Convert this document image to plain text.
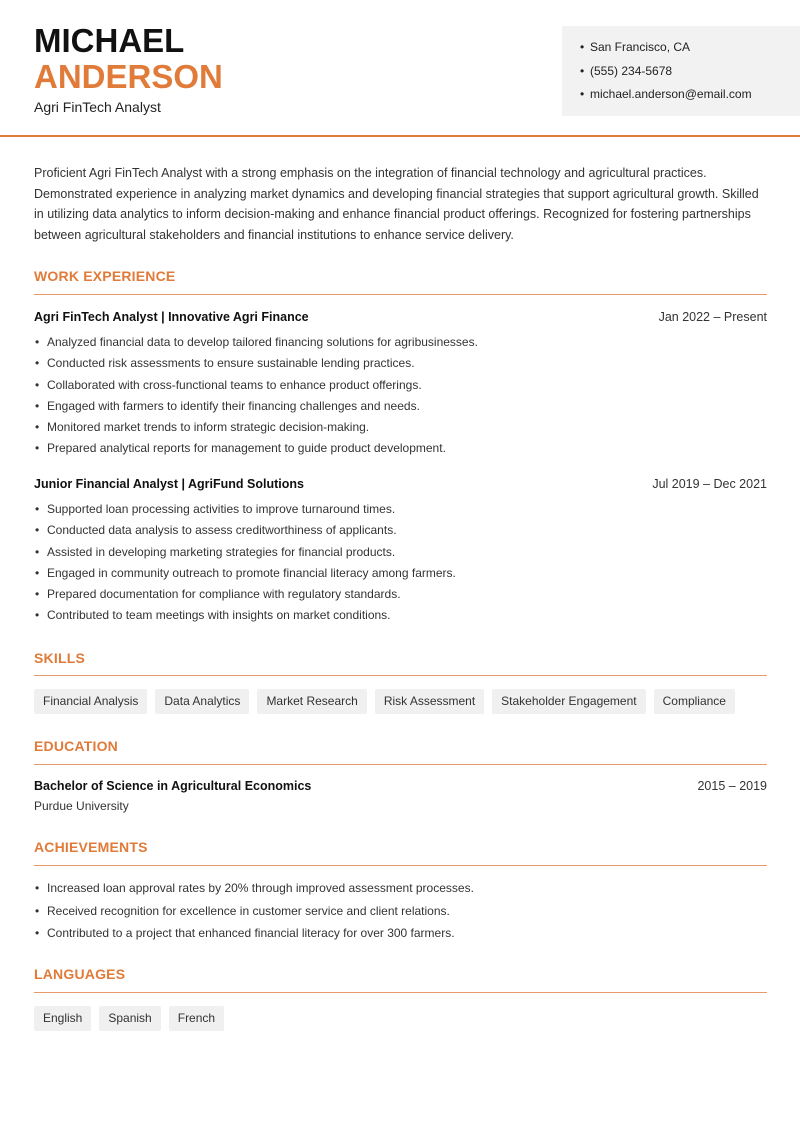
MICHAEL
ANDERSON
Agri FinTech Analyst
• San Francisco, CA
• (555) 234-5678
• michael.anderson@email.com

Proficient Agri FinTech Analyst with a strong emphasis on the integration of financial technology and agricultural practices. Demonstrated experience in analyzing market dynamics and developing financial strategies that support agricultural growth. Skilled in utilizing data analytics to inform decision-making and enhance financial product offerings. Recognized for fostering partnerships between agricultural stakeholders and financial institutions to enhance service delivery.

WORK EXPERIENCE
Agri FinTech Analyst | Innovative Agri Finance	Jan 2022 – Present
• Analyzed financial data to develop tailored financing solutions for agribusinesses.
• Conducted risk assessments to ensure sustainable lending practices.
• Collaborated with cross-functional teams to enhance product offerings.
• Engaged with farmers to identify their financing challenges and needs.
• Monitored market trends to inform strategic decision-making.
• Prepared analytical reports for management to guide product development.
Junior Financial Analyst | AgriFund Solutions	Jul 2019 – Dec 2021
• Supported loan processing activities to improve turnaround times.
• Conducted data analysis to assess creditworthiness of applicants.
• Assisted in developing marketing strategies for financial products.
• Engaged in community outreach to promote financial literacy among farmers.
• Prepared documentation for compliance with regulatory standards.
• Contributed to team meetings with insights on market conditions.
SKILLS
Financial Analysis	Data Analytics	Market Research	Risk Assessment	Stakeholder Engagement	Compliance
EDUCATION
Bachelor of Science in Agricultural Economics	2015 – 2019
Purdue University
ACHIEVEMENTS
• Increased loan approval rates by 20% through improved assessment processes.
• Received recognition for excellence in customer service and client relations.
• Contributed to a project that enhanced financial literacy for over 300 farmers.
LANGUAGES
English	Spanish	French
